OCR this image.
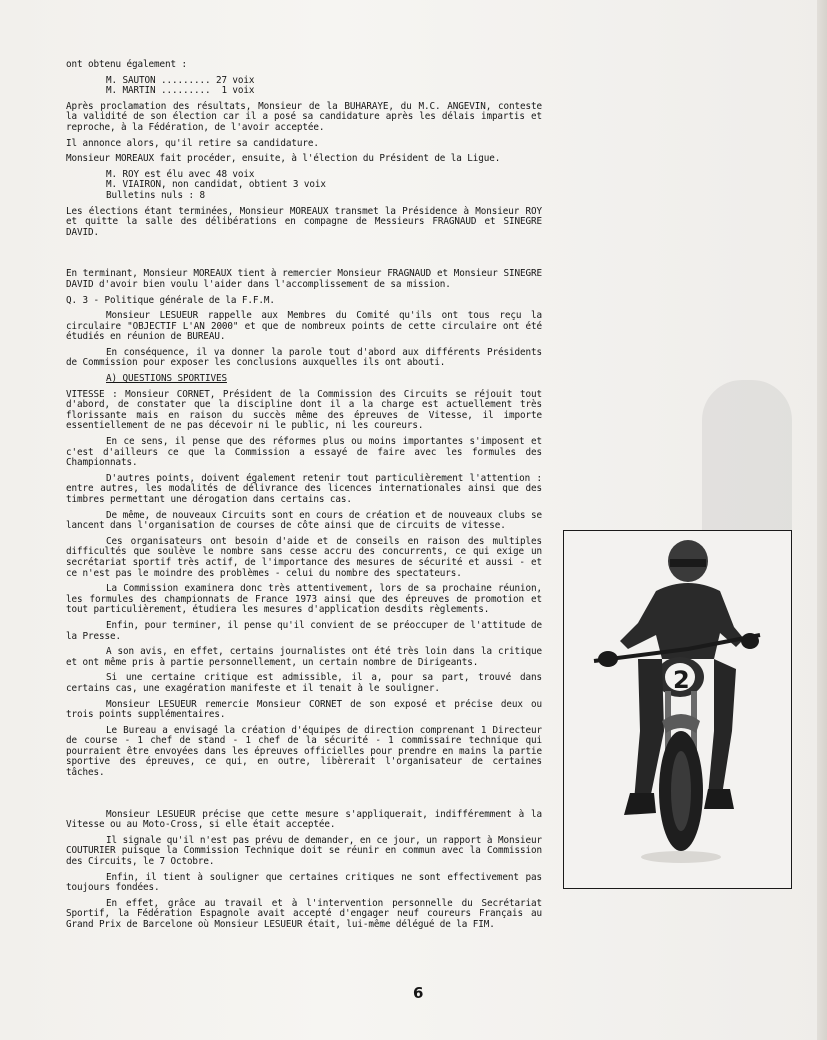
ont obtenu également :

M. SAUTON ......... 27 voix

M. MARTIN .........  1 voix

Après proclamation des résultats, Monsieur de la BUHARAYE, du M.C. ANGEVIN, conteste la validité de son élection car il a posé sa candidature après les délais impartis et reproche, à la Fédération, de l'avoir acceptée.

Il annonce alors, qu'il retire sa candidature.

Monsieur MOREAUX fait procéder, ensuite, à l'élection du Président de la Ligue.

M. ROY est élu avec 48 voix

M. VIAIRON, non candidat, obtient 3 voix

Bulletins nuls : 8

Les élections étant terminées, Monsieur MOREAUX transmet la Présidence à Monsieur ROY et quitte la salle des délibérations en compagne de Messieurs FRAGNAUD et SINEGRE DAVID.

En terminant, Monsieur MOREAUX tient à remercier Monsieur FRAGNAUD et Monsieur SINEGRE DAVID d'avoir bien voulu l'aider dans l'accomplissement de sa mission.

Q. 3 - Politique générale de la F.F.M.

Monsieur LESUEUR rappelle aux Membres du Comité qu'ils ont tous reçu la circulaire "OBJECTIF L'AN 2000" et que de nombreux points de cette circulaire ont été étudiés en réunion de BUREAU.

En conséquence, il va donner la parole tout d'abord aux différents Présidents de Commission pour exposer les conclusions auxquelles ils ont abouti.

A) QUESTIONS SPORTIVES

VITESSE : Monsieur CORNET, Président de la Commission des Circuits se réjouit tout d'abord, de constater que la discipline dont il a la charge est actuellement très florissante mais en raison du succès même des épreuves de Vitesse, il importe essentiellement de ne pas décevoir ni le public, ni les coureurs.

En ce sens, il pense que des réformes plus ou moins importantes s'imposent et c'est d'ailleurs ce que la Commission a essayé de faire avec les formules des Championnats.

D'autres points, doivent également retenir tout particulièrement l'attention : entre autres, les modalités de délivrance des licences internationales ainsi que des timbres permettant une dérogation dans certains cas.

De même, de nouveaux Circuits sont en cours de création et de nouveaux clubs se lancent dans l'organisation de courses de côte ainsi que de circuits de vitesse.

Ces organisateurs ont besoin d'aide et de conseils en raison des multiples difficultés que soulève le nombre sans cesse accru des concurrents, ce qui exige un secrétariat sportif très actif, de l'importance des mesures de sécurité et aussi - et ce n'est pas le moindre des problèmes - celui du nombre des spectateurs.

La Commission examinera donc très attentivement, lors de sa prochaine réunion, les formules des championnats de France 1973 ainsi que des épreuves de promotion et tout particulièrement, étudiera les mesures d'application desdits règlements.

Enfin, pour terminer, il pense qu'il convient de se préoccuper de l'attitude de la Presse.

A son avis, en effet, certains journalistes ont été très loin dans la critique et ont même pris à partie personnellement, un certain nombre de Dirigeants.

Si une certaine critique est admissible, il a, pour sa part, trouvé dans certains cas, une exagération manifeste et il tenait à le souligner.

Monsieur LESUEUR remercie Monsieur CORNET de son exposé et précise deux ou trois points supplémentaires.

Le Bureau a envisagé la création d'équipes de direction comprenant 1 Directeur de course - 1 chef de stand - 1 chef de la sécurité - 1 commissaire technique qui pourraient être envoyées dans les épreuves officielles pour prendre en mains la partie sportive des épreuves, ce qui, en outre, libèrerait l'organisateur de certaines tâches.

Monsieur LESUEUR précise que cette mesure s'appliquerait, indifféremment à la Vitesse ou au Moto-Cross, si elle était acceptée.

Il signale qu'il n'est pas prévu de demander, en ce jour, un rapport à Monsieur COUTURIER puisque la Commission Technique doit se réunir en commun avec la Commission des Circuits, le 7 Octobre.

Enfin, il tient à souligner que certaines critiques ne sont effectivement pas toujours fondées.

En effet, grâce au travail et à l'intervention personnelle du Secrétariat Sportif, la Fédération Espagnole avait accepté d'engager neuf coureurs Français au Grand Prix de Barcelone où Monsieur LESUEUR était, lui-même délégué de la FIM.

2
6
